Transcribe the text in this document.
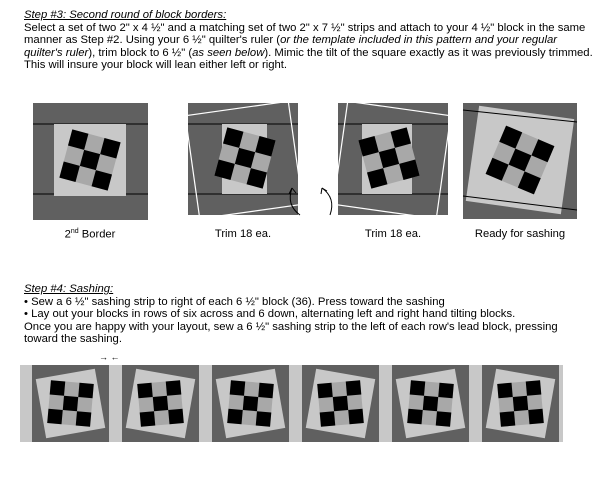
Step #3: Second round of block borders:

Select a set of two 2" x 4 ½" and a matching set of two 2" x 7 ½" strips and attach to your 4 ½" block in the same manner as Step #2. Using your 6 ½" quilter's ruler (or the template included in this pattern and your regular quilter's ruler), trim block to 6 ½" (as seen below). Mimic the tilt of the square exactly as it was previously trimmed. This will insure your block will lean either left or right.

2nd Border	Trim 18 ea.	Trim 18 ea.	Ready for sashing
Step #4: Sashing:
• Sew a 6 ½" sashing strip to right of each 6 ½" block (36). Press toward the sashing
• Lay out your blocks in rows of six across and 6 down, alternating left and right hand tilting blocks.
Once you are happy with your layout, sew a 6 ½" sashing strip to the left of each row's lead block, pressing toward the sashing.
→ ←
